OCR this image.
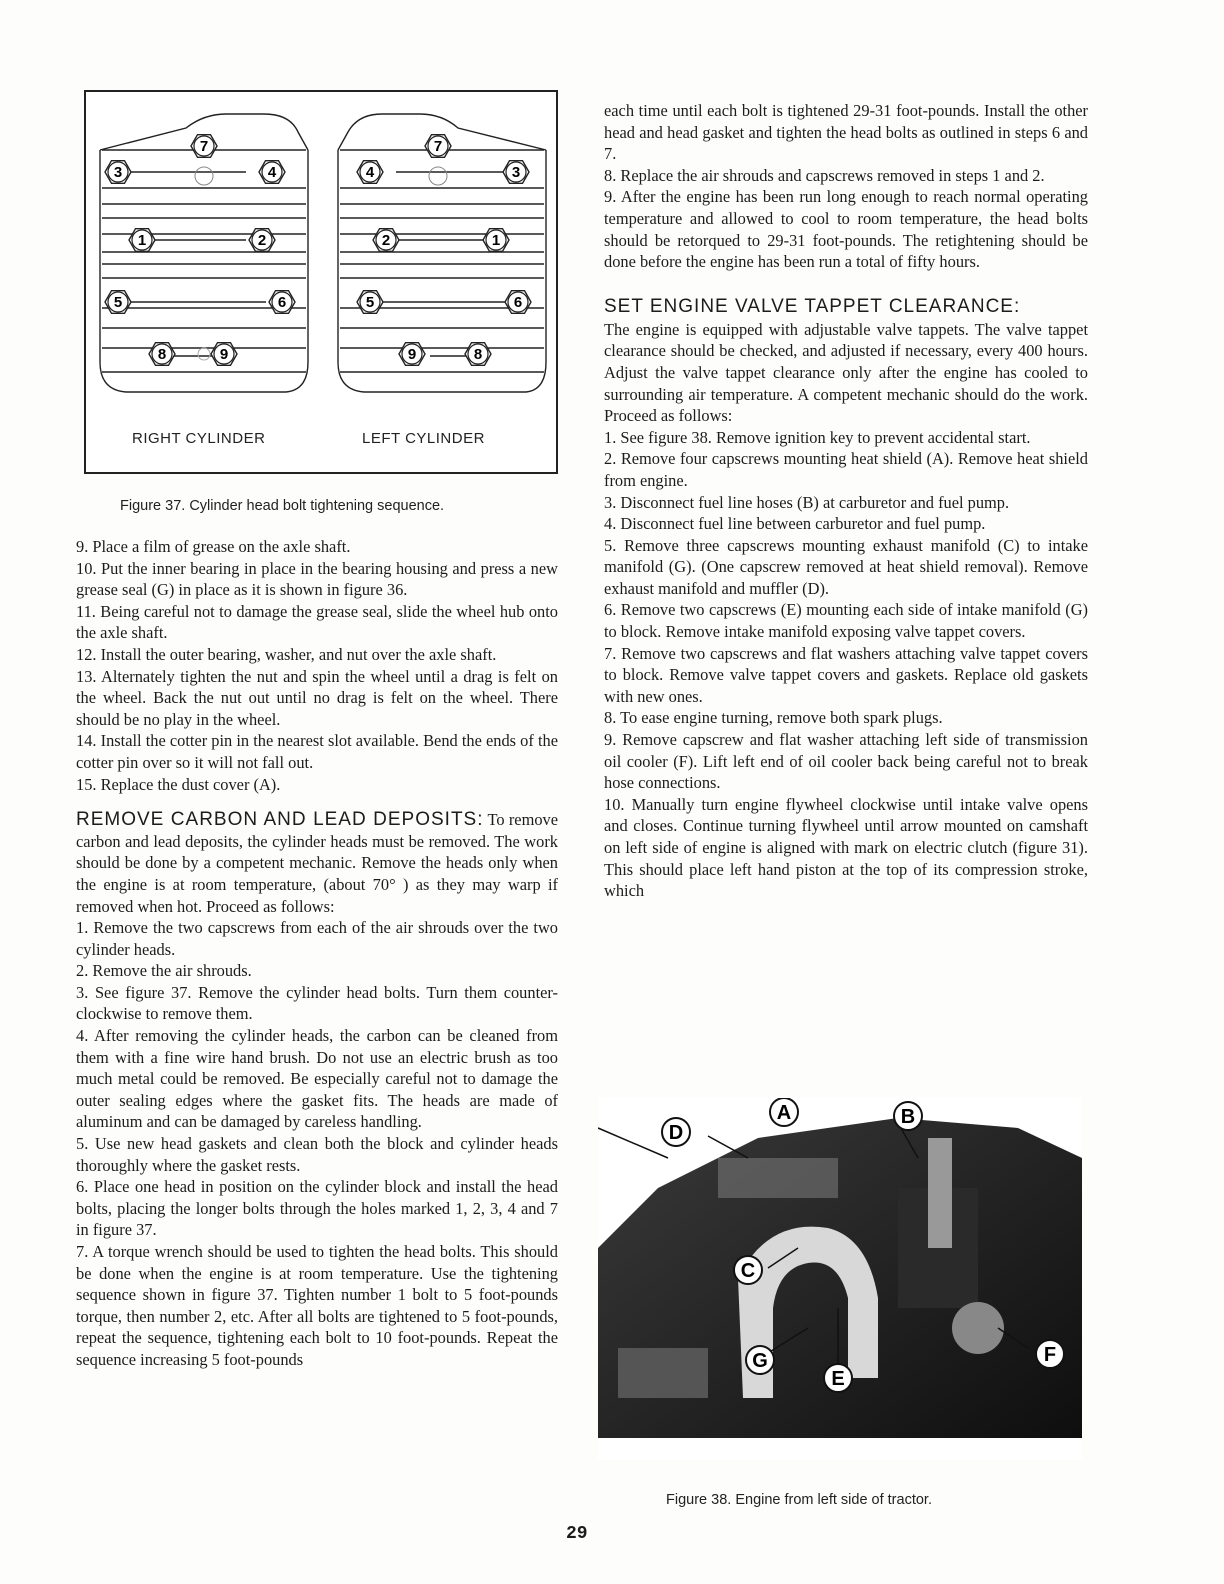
7
3	4
1	2
5	6
8	9
7
4	3
2	1
5	6
9	8
RIGHT CYLINDER	LEFT CYLINDER
Figure 37. Cylinder head bolt tightening sequence.

9. Place a film of grease on the axle shaft.

10. Put the inner bearing in place in the bearing housing and press a new grease seal (G) in place as it is shown in figure 36.

11. Being careful not to damage the grease seal, slide the wheel hub onto the axle shaft.

12. Install the outer bearing, washer, and nut over the axle shaft.

13. Alternately tighten the nut and spin the wheel until a drag is felt on the wheel. Back the nut out until no drag is felt on the wheel. There should be no play in the wheel.

14. Install the cotter pin in the nearest slot available. Bend the ends of the cotter pin over so it will not fall out.

15. Replace the dust cover (A).

REMOVE CARBON AND LEAD DEPOSITS: To remove carbon and lead deposits, the cylinder heads must be removed. The work should be done by a competent mechanic. Remove the heads only when the engine is at room temperature, (about 70° ) as they may warp if removed when hot. Proceed as follows:

1. Remove the two capscrews from each of the air shrouds over the two cylinder heads.

2. Remove the air shrouds.

3. See figure 37. Remove the cylinder head bolts. Turn them counter-clockwise to remove them.

4. After removing the cylinder heads, the carbon can be cleaned from them with a fine wire hand brush. Do not use an electric brush as too much metal could be removed. Be especially careful not to damage the outer sealing edges where the gasket fits. The heads are made of aluminum and can be damaged by careless handling.

5. Use new head gaskets and clean both the block and cylinder heads thoroughly where the gasket rests.

6. Place one head in position on the cylinder block and install the head bolts, placing the longer bolts through the holes marked 1, 2, 3, 4 and 7 in figure 37.

7. A torque wrench should be used to tighten the head bolts. This should be done when the engine is at room temperature. Use the tightening sequence shown in figure 37. Tighten number 1 bolt to 5 foot-pounds torque, then number 2, etc. After all bolts are tightened to 5 foot-pounds, repeat the sequence, tightening each bolt to 10 foot-pounds. Repeat the sequence increasing 5 foot-pounds

each time until each bolt is tightened 29-31 foot-pounds. Install the other head and head gasket and tighten the head bolts as outlined in steps 6 and 7.

8. Replace the air shrouds and capscrews removed in steps 1 and 2.

9. After the engine has been run long enough to reach normal operating temperature and allowed to cool to room temperature, the head bolts should be retorqued to 29-31 foot-pounds. The retightening should be done before the engine has been run a total of fifty hours.

SET ENGINE VALVE TAPPET CLEARANCE:

The engine is equipped with adjustable valve tappets. The valve tappet clearance should be checked, and adjusted if necessary, every 400 hours. Adjust the valve tappet clearance only after the engine has cooled to surrounding air temperature. A competent mechanic should do the work. Proceed as follows:

1. See figure 38. Remove ignition key to prevent accidental start.

2. Remove four capscrews mounting heat shield (A). Remove heat shield from engine.

3. Disconnect fuel line hoses (B) at carburetor and fuel pump.

4. Disconnect fuel line between carburetor and fuel pump.

5. Remove three capscrews mounting exhaust manifold (C) to intake manifold (G). (One capscrew removed at heat shield removal). Remove exhaust manifold and muffler (D).

6. Remove two capscrews (E) mounting each side of intake manifold (G) to block. Remove intake manifold exposing valve tappet covers.

7. Remove two capscrews and flat washers attaching valve tappet covers to block. Remove valve tappet covers and gaskets. Replace old gaskets with new ones.

8. To ease engine turning, remove both spark plugs.

9. Remove capscrew and flat washer attaching left side of transmission oil cooler (F). Lift left end of oil cooler back being careful not to break hose connections.

10. Manually turn engine flywheel clockwise until intake valve opens and closes. Continue turning flywheel until arrow mounted on camshaft on left side of engine is aligned with mark on electric clutch (figure 31). This should place left hand piston at the top of its compression stroke, which

A	B
C
D
E
F
G
Figure 38. Engine from left side of tractor.
29
